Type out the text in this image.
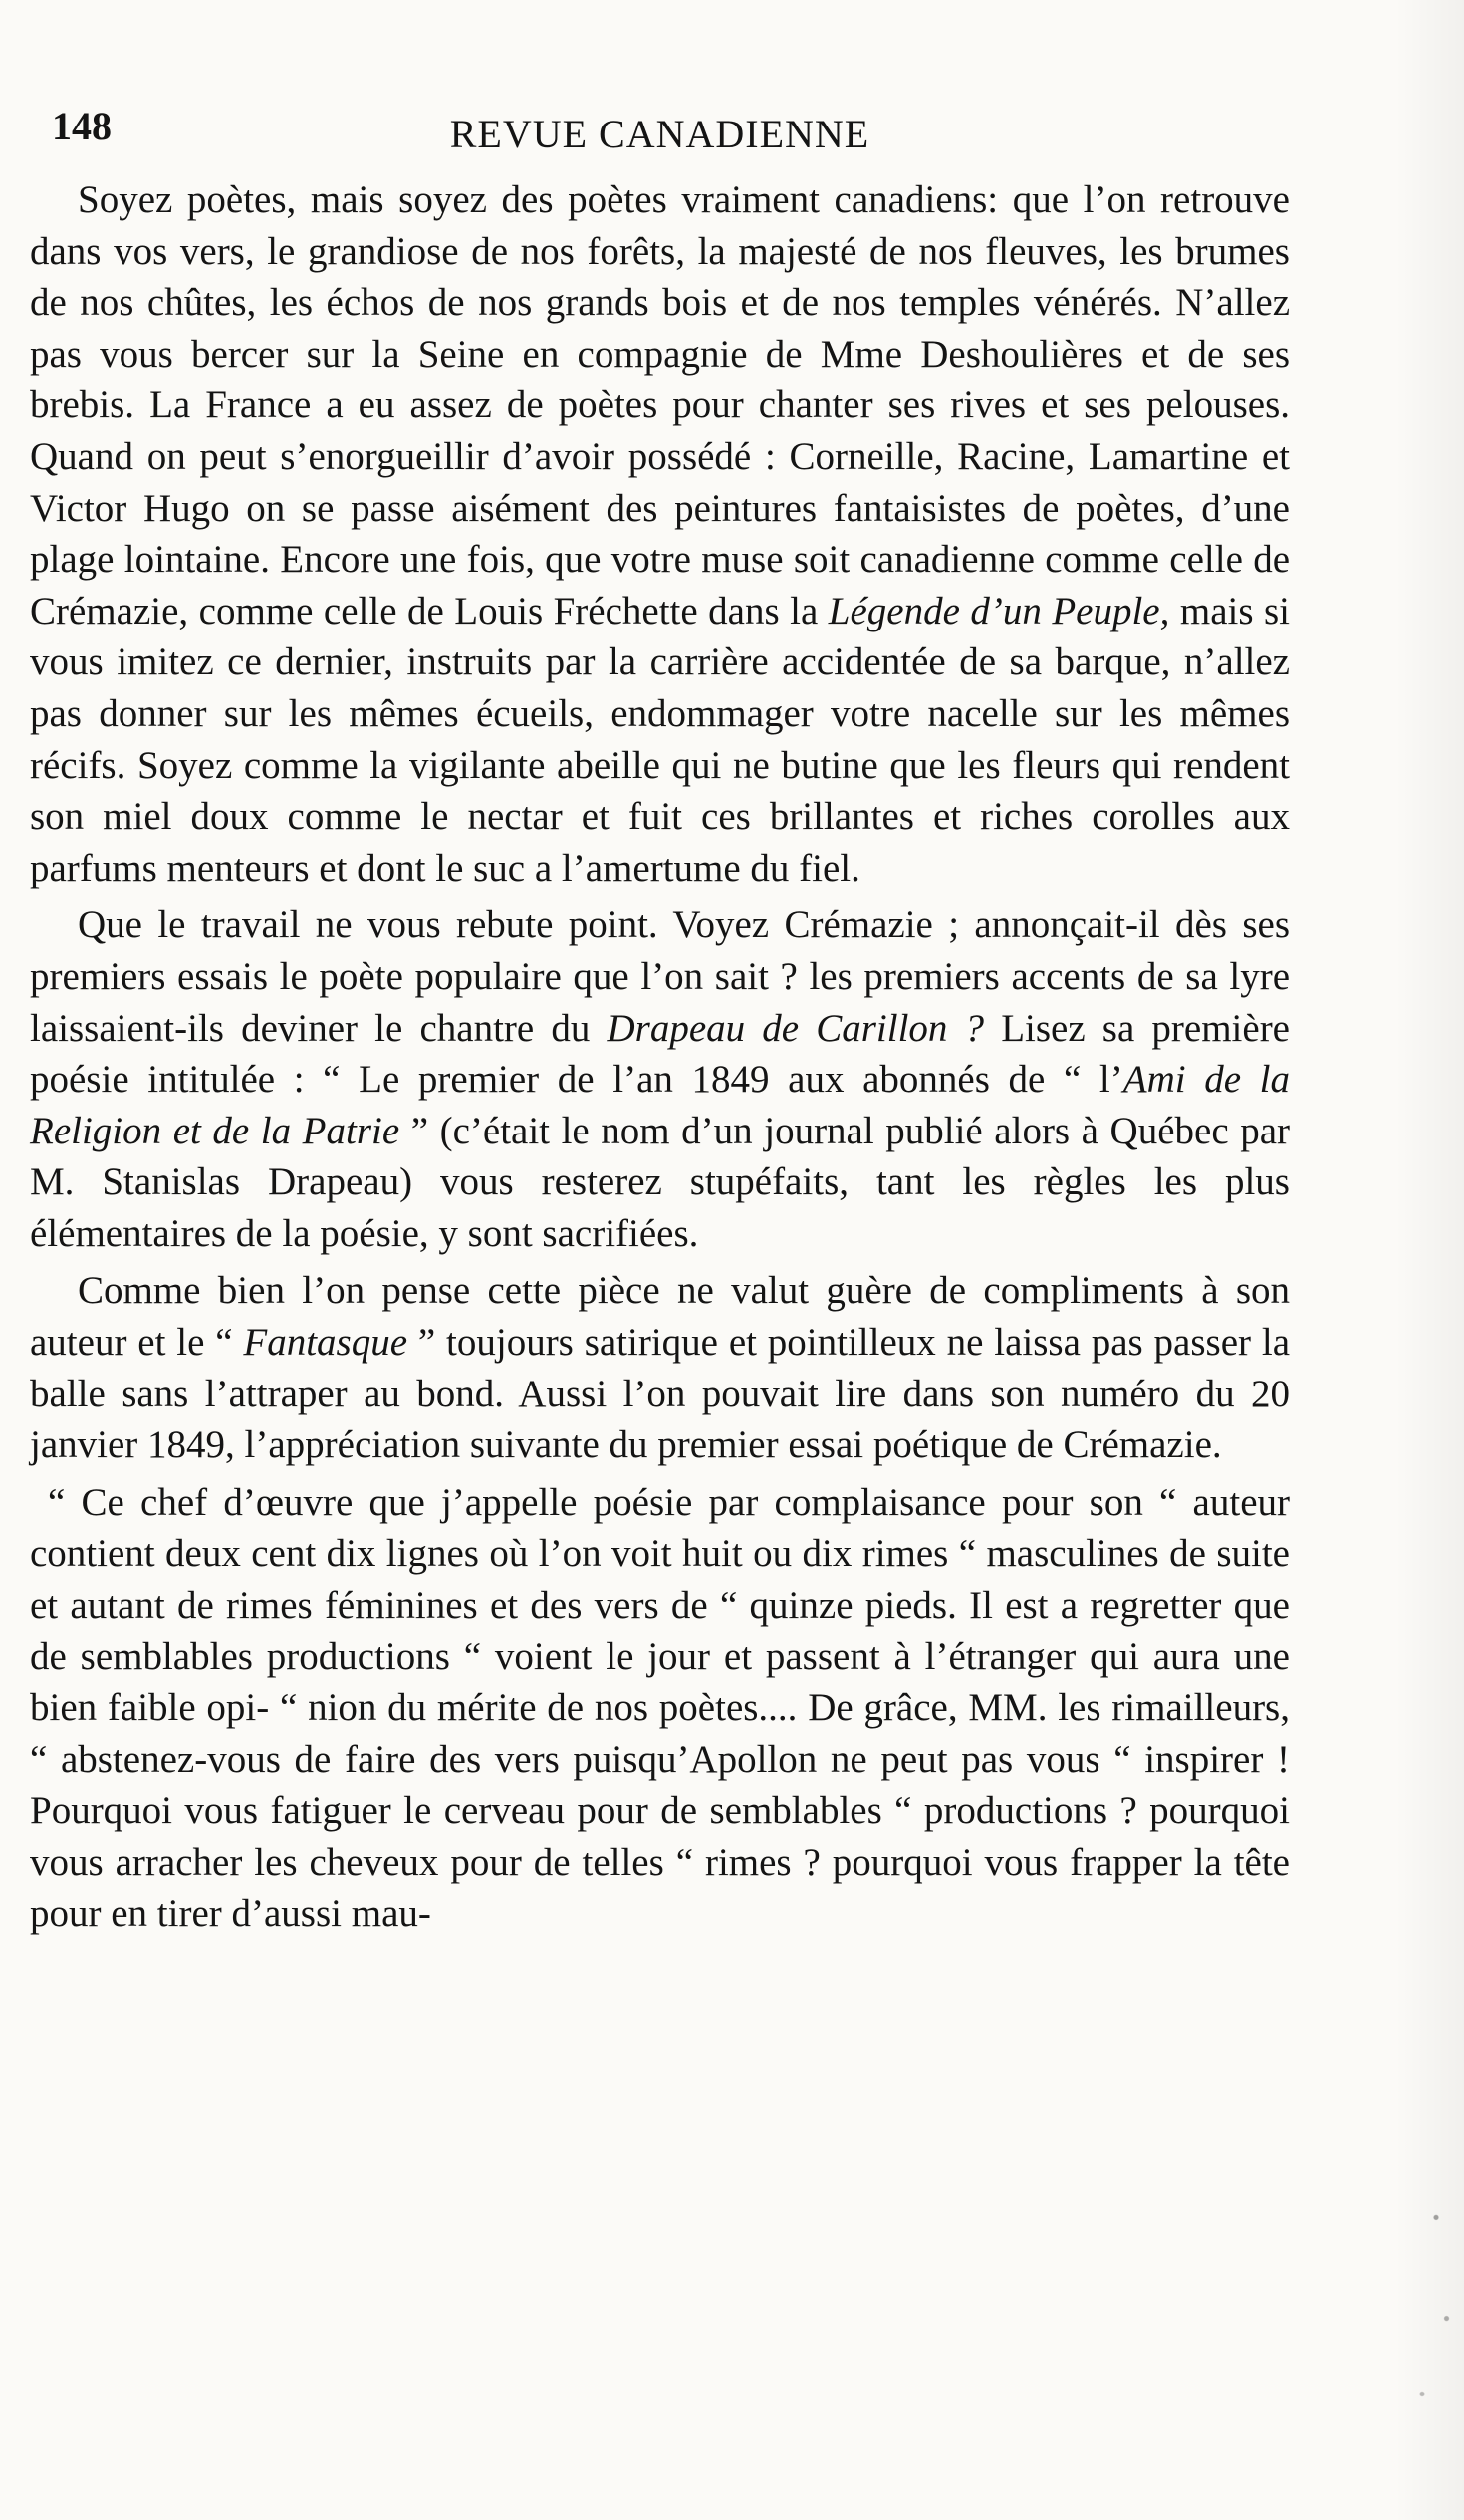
148	REVUE CANADIENNE

Soyez poètes, mais soyez des poètes vraiment canadiens: que l’on retrouve dans vos vers, le grandiose de nos forêts, la majesté de nos fleuves, les brumes de nos chûtes, les échos de nos grands bois et de nos temples vénérés. N’allez pas vous bercer sur la Seine en compagnie de Mme Deshoulières et de ses brebis. La France a eu assez de poètes pour chanter ses rives et ses pelouses. Quand on peut s’enorgueillir d’avoir possédé : Corneille, Racine, Lamartine et Victor Hugo on se passe aisément des peintures fantaisistes de poètes, d’une plage lointaine. Encore une fois, que votre muse soit canadienne comme celle de Crémazie, comme celle de Louis Fréchette dans la Légende d’un Peuple, mais si vous imitez ce dernier, instruits par la carrière accidentée de sa barque, n’allez pas donner sur les mêmes écueils, endommager votre nacelle sur les mêmes récifs. Soyez comme la vigilante abeille qui ne butine que les fleurs qui rendent son miel doux comme le nectar et fuit ces brillantes et riches corolles aux parfums menteurs et dont le suc a l’amertume du fiel.

Que le travail ne vous rebute point. Voyez Crémazie ; annonçait-il dès ses premiers essais le poète populaire que l’on sait ? les premiers accents de sa lyre laissaient-ils deviner le chantre du Drapeau de Carillon ? Lisez sa première poésie intitulée : “ Le premier de l’an 1849 aux abonnés de “ l’Ami de la Religion et de la Patrie ” (c’était le nom d’un journal publié alors à Québec par M. Stanislas Drapeau) vous resterez stupéfaits, tant les règles les plus élémentaires de la poésie, y sont sacrifiées.

Comme bien l’on pense cette pièce ne valut guère de compliments à son auteur et le “ Fantasque ” toujours satirique et pointilleux ne laissa pas passer la balle sans l’attraper au bond. Aussi l’on pouvait lire dans son numéro du 20 janvier 1849, l’appréciation suivante du premier essai poétique de Crémazie.

“ Ce chef d’œuvre que j’appelle poésie par complaisance pour son “ auteur contient deux cent dix lignes où l’on voit huit ou dix rimes “ masculines de suite et autant de rimes féminines et des vers de “ quinze pieds. Il est a regretter que de semblables productions “ voient le jour et passent à l’étranger qui aura une bien faible opi- “ nion du mérite de nos poètes.... De grâce, MM. les rimailleurs, “ abstenez-vous de faire des vers puisqu’Apollon ne peut pas vous “ inspirer ! Pourquoi vous fatiguer le cerveau pour de semblables “ productions ? pourquoi vous arracher les cheveux pour de telles “ rimes ? pourquoi vous frapper la tête pour en tirer d’aussi mau-
